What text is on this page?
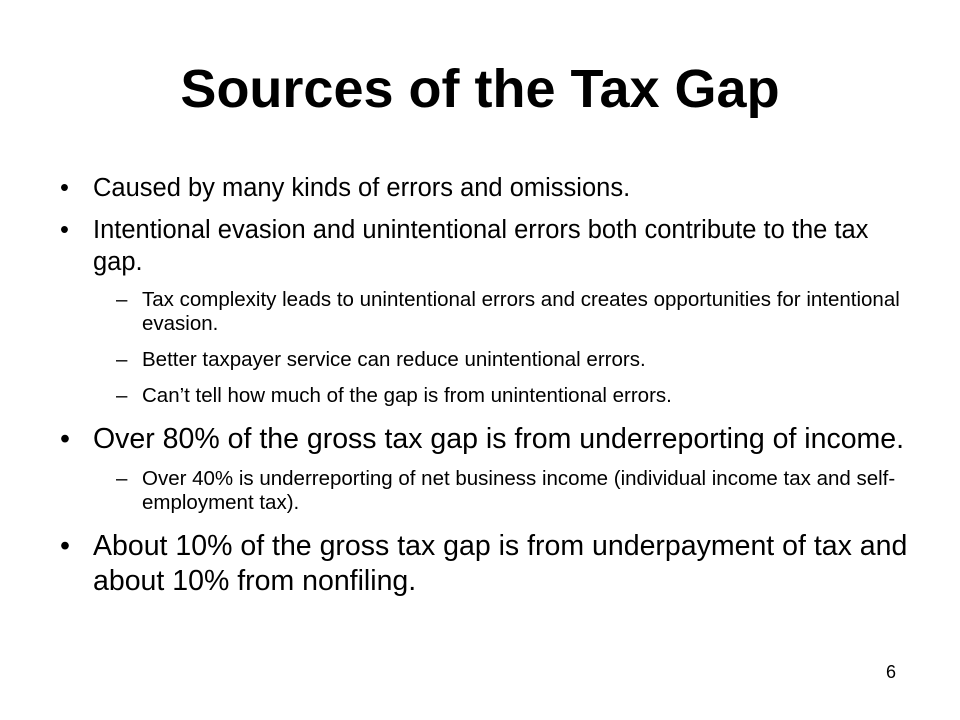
Sources of the Tax Gap
• Caused by many kinds of errors and omissions.
• Intentional evasion and unintentional errors both contribute to the tax gap.
– Tax complexity leads to unintentional errors and creates opportunities for intentional evasion.
– Better taxpayer service can reduce unintentional errors.
– Can’t tell how much of the gap is from unintentional errors.
• Over 80% of the gross tax gap is from underreporting of income.
– Over 40% is underreporting of net business income (individual income tax and self-employment tax).
• About 10% of the gross tax gap is from underpayment of tax and about 10% from nonfiling.
6
